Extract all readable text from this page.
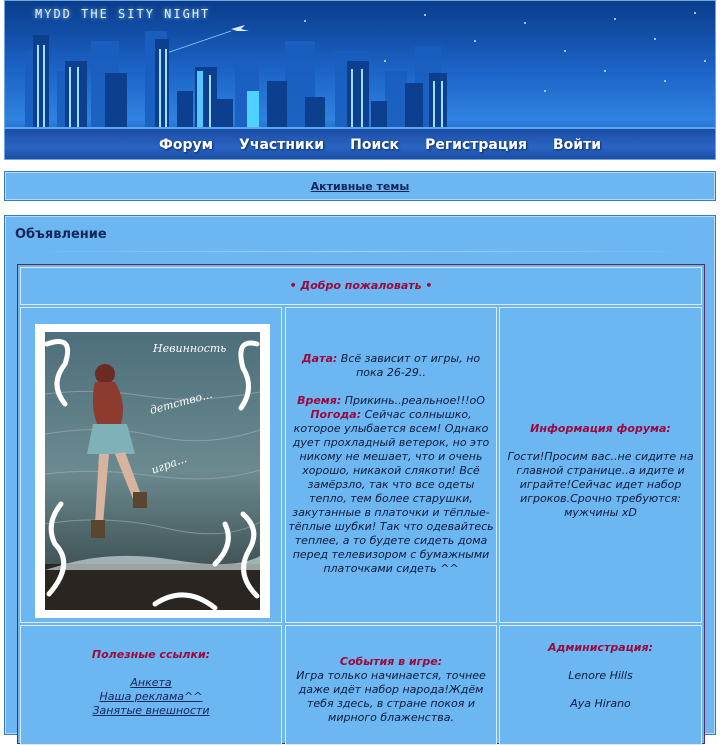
MYDD THE SITY NIGHT
Форум Участники Поиск Регистрация Войти
Активные темы
Объявление
• Добро пожаловать •
Невинность
детство...
игра...
Дата: Всё зависит от игры, но пока 26-29..
Время: Прикинь..реальное!!!оО
Погода: Сейчас солнышко, которое улыбается всем! Однако дует прохладный ветерок, но это никому не мешает, что и очень хорошо, никакой слякоти! Всё замёрзло, так что все одеты тепло, тем более старушки, закутанные в платочки и тёплые-тёплые шубки! Так что одевайтесь теплее, а то будете сидеть дома перед телевизором с бумажными платочками сидеть ^^
Информация форума:
Гости!Просим вас..не сидите на главной странице..а идите и играйте!Сейчас идет набор игроков.Срочно требуются: мужчины xD
Полезные ссылки:
Анкета
Наша реклама^^
Занятые внешности
События в игре:
Игра только начинается, точнее даже идёт набор народа!Ждём тебя здесь, в стране покоя и мирного блаженства.
Администрация:
Lenore Hills
Aya Hirano
